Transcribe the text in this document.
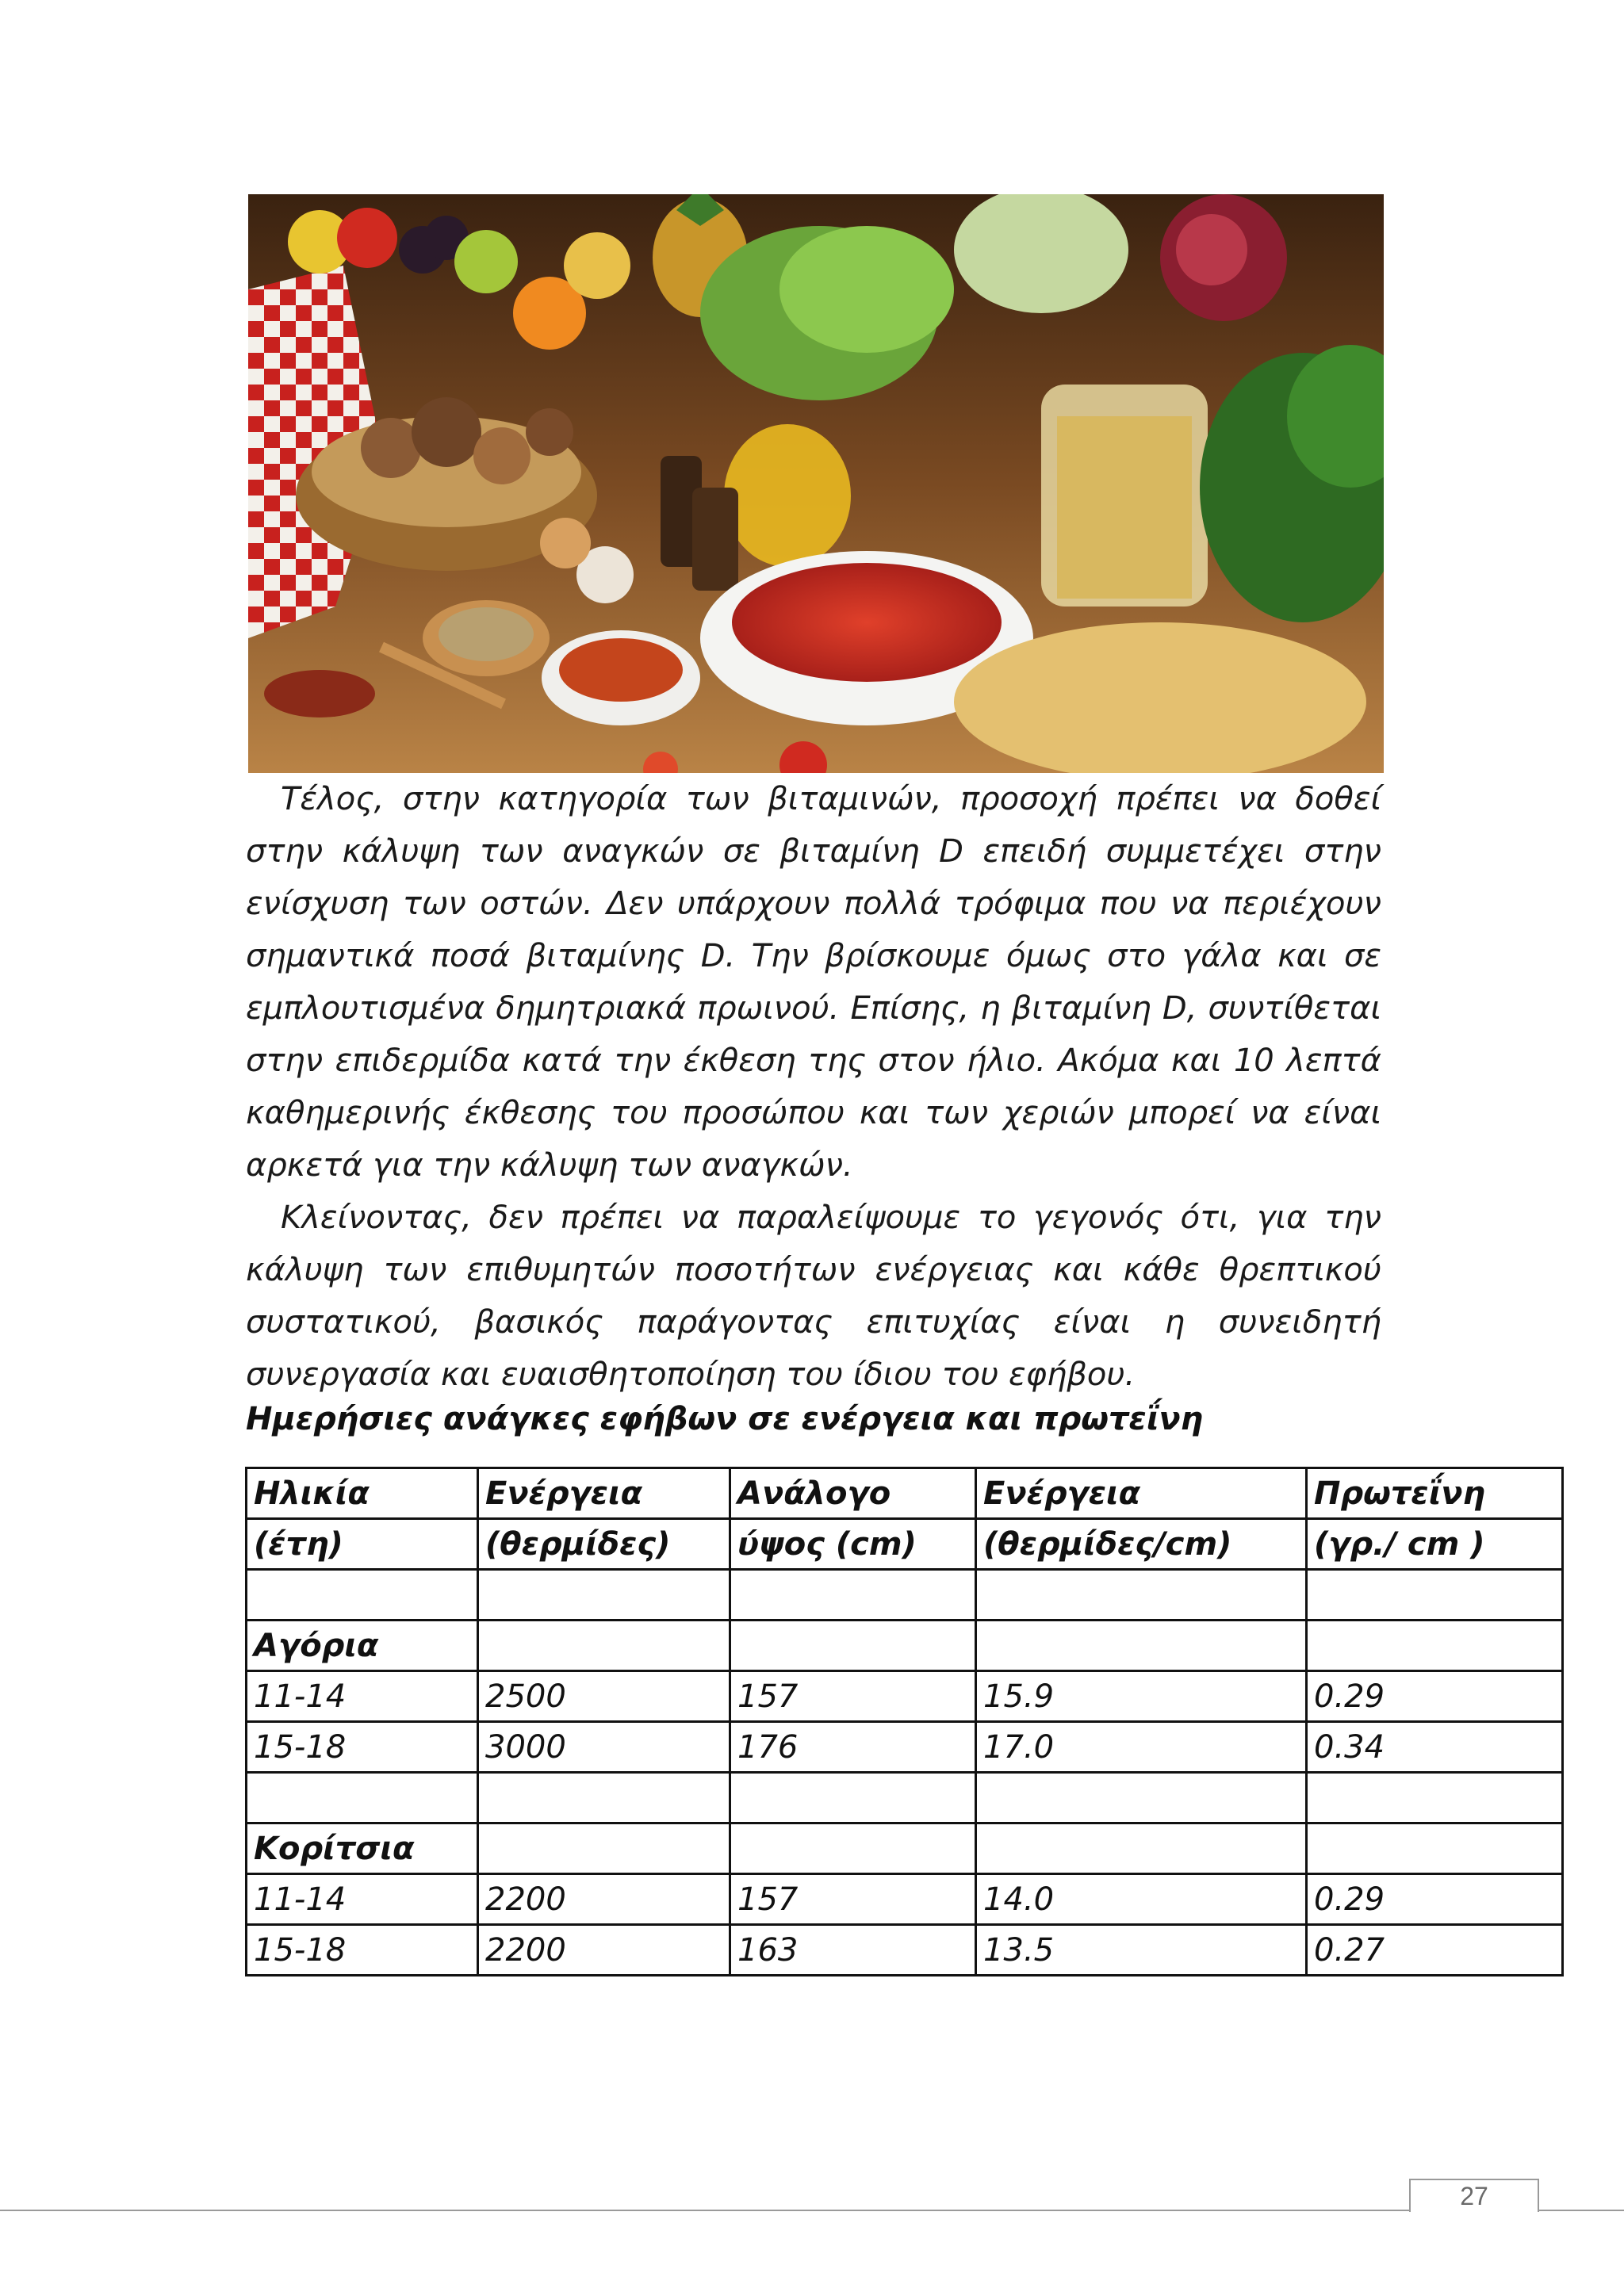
Τέλος, στην κατηγορία των βιταμινών, προσοχή πρέπει να δοθεί στην κάλυψη των αναγκών σε βιταμίνη D επειδή συμμετέχει στην ενίσχυση των οστών. Δεν υπάρχουν πολλά τρόφιμα που να περιέχουν σημαντικά ποσά βιταμίνης D. Την βρίσκουμε όμως στο γάλα και σε εμπλουτισμένα δημητριακά πρωινού. Επίσης, η βιταμίνη D, συντίθεται στην επιδερμίδα κατά την έκθεση της στον ήλιο. Ακόμα και 10 λεπτά καθημερινής έκθεσης του προσώπου και των χεριών μπορεί να είναι αρκετά για την κάλυψη των αναγκών.

Κλείνοντας, δεν πρέπει να παραλείψουμε το γεγονός ότι, για την κάλυψη των επιθυμητών ποσοτήτων ενέργειας και κάθε θρεπτικού συστατικού, βασικός παράγοντας επιτυχίας είναι η συνειδητή συνεργασία και ευαισθητοποίηση του ίδιου του εφήβου.

Ημερήσιες ανάγκες εφήβων σε ενέργεια και πρωτεΐνη
Ηλικία	Ενέργεια	Ανάλογο	Ενέργεια	Πρωτεΐνη
(έτη)	(θερμίδες)	ύψος (cm)	(θερμίδες/cm)	(γρ./ cm )

Αγόρια				
11-14	2500	157	15.9	0.29
15-18	3000	176	17.0	0.34

Κορίτσια				
11-14	2200	157	14.0	0.29
15-18	2200	163	13.5	0.27
27
